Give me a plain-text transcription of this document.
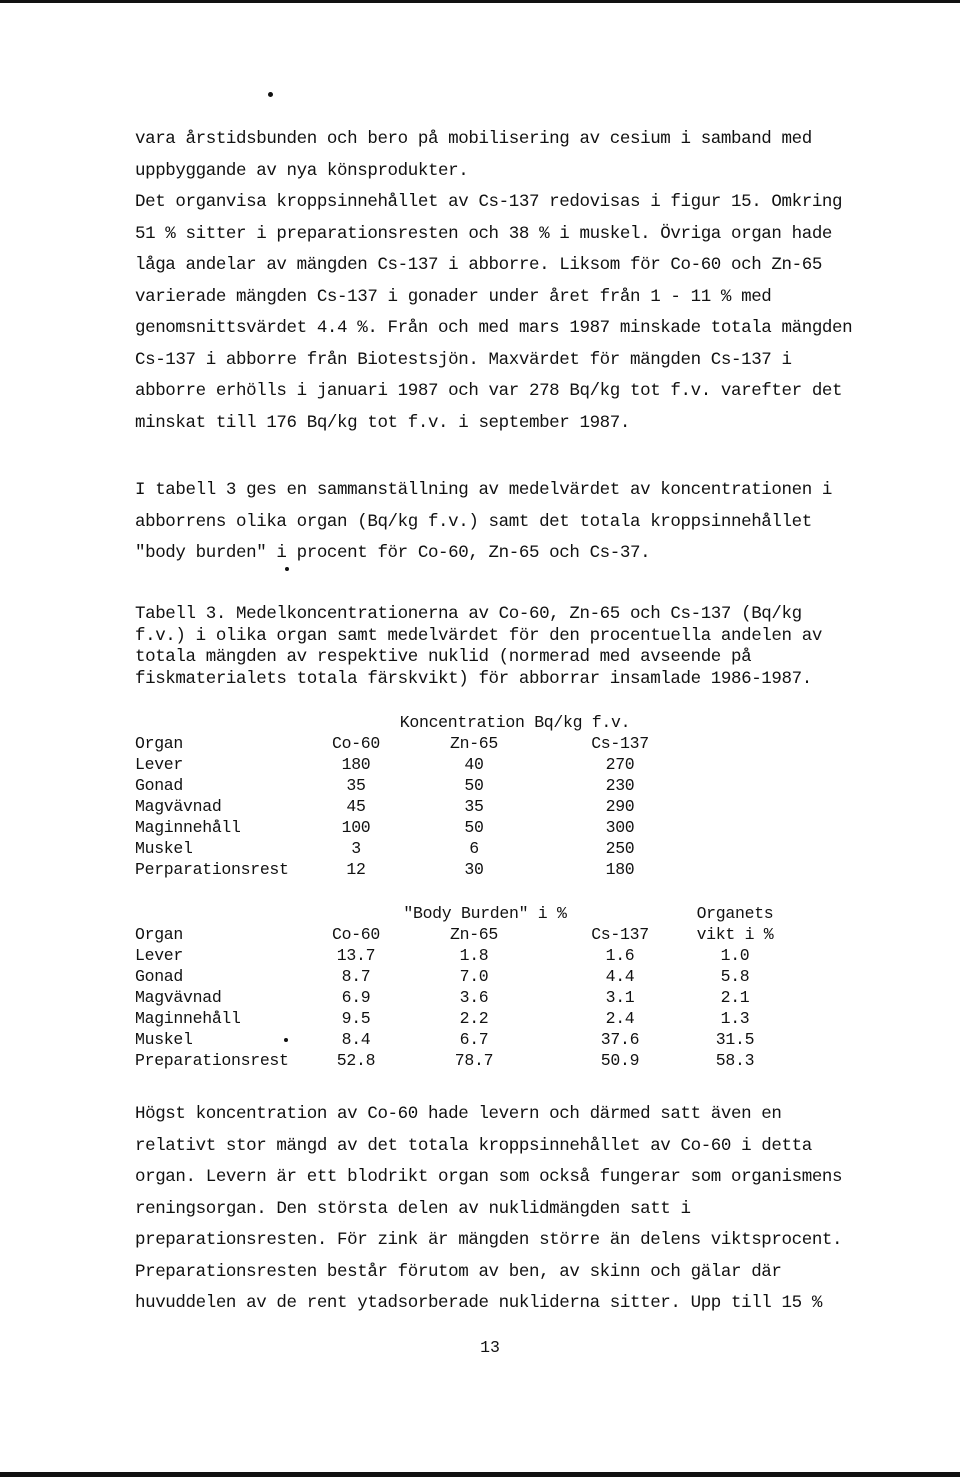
vara årstidsbunden och bero på mobilisering av cesium i samband med
uppbyggande av nya könsprodukter.
Det organvisa kroppsinnehållet av Cs-137 redovisas i figur 15. Omkring
51 % sitter i preparationsresten och 38 % i muskel. Övriga organ hade
låga andelar av mängden Cs-137 i abborre. Liksom för Co-60 och Zn-65
varierade mängden Cs-137 i gonader under året från 1 - 11 % med
genomsnittsvärdet 4.4 %. Från och med mars 1987 minskade totala mängden
Cs-137 i abborre från Biotestsjön. Maxvärdet för mängden Cs-137 i
abborre erhölls i januari 1987 och var 278 Bq/kg tot f.v. varefter det
minskat till 176 Bq/kg tot f.v. i september 1987.
I tabell 3 ges en sammanställning av medelvärdet av koncentrationen i
abborrens olika organ (Bq/kg f.v.) samt det totala kroppsinnehållet
"body burden" i procent för Co-60, Zn-65 och Cs-37.
Tabell 3. Medelkoncentrationerna av Co-60, Zn-65 och Cs-137 (Bq/kg
f.v.) i olika organ samt medelvärdet för den procentuella andelen av
totala mängden av respektive nuklid (normerad med avseende på
fiskmaterialets totala färskvikt) för abborrar insamlade 1986-1987.
Koncentration Bq/kg f.v.
Organ	Co-60	Zn-65	Cs-137
Lever	180	40	270
Gonad	35	50	230
Magvävnad	45	35	290
Maginnehåll	100	50	300
Muskel	3	6	250
Perparationsrest	12	30	180
"Body Burden" i %	Organets
Organ	Co-60	Zn-65	Cs-137	vikt i %
Lever	13.7	1.8	1.6	1.0
Gonad	8.7	7.0	4.4	5.8
Magvävnad	6.9	3.6	3.1	2.1
Maginnehåll	9.5	2.2	2.4	1.3
Muskel	8.4	6.7	37.6	31.5
Preparationsrest	52.8	78.7	50.9	58.3
Högst koncentration av Co-60 hade levern och därmed satt även en
relativt stor mängd av det totala kroppsinnehållet av Co-60 i detta
organ. Levern är ett blodrikt organ som också fungerar som organismens
reningsorgan. Den största delen av nuklidmängden satt i
preparationsresten. För zink är mängden större än delens viktsprocent.
Preparationsresten består förutom av ben, av skinn och gälar där
huvuddelen av de rent ytadsorberade nukliderna sitter. Upp till 15 %
13
